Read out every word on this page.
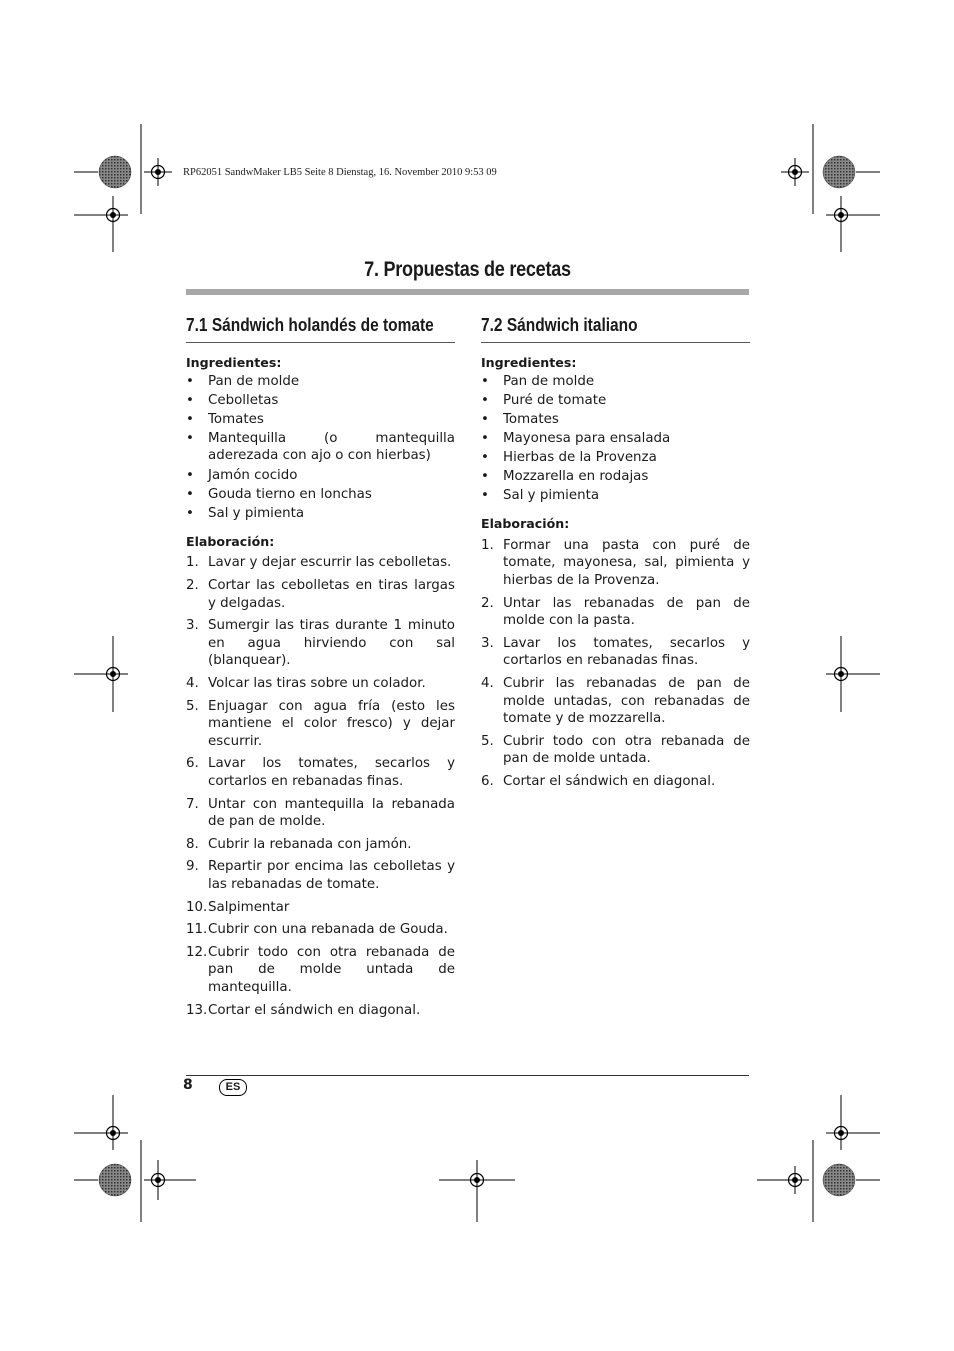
RP62051 SandwMaker LB5 Seite 8 Dienstag, 16. November 2010 9:53 09
7. Propuestas de recetas
7.1 Sándwich holandés de tomate
Ingredientes:
• Pan de molde
• Cebolletas
• Tomates
• Mantequilla (o mantequilla aderezada con ajo o con hierbas)
• Jamón cocido
• Gouda tierno en lonchas
• Sal y pimienta
Elaboración:
1. Lavar y dejar escurrir las cebolletas.
2. Cortar las cebolletas en tiras largas y delgadas.
3. Sumergir las tiras durante 1 minuto en agua hirviendo con sal (blanquear).
4. Volcar las tiras sobre un colador.
5. Enjuagar con agua fría (esto les mantiene el color fresco) y dejar escurrir.
6. Lavar los tomates, secarlos y cortarlos en rebanadas finas.
7. Untar con mantequilla la rebanada de pan de molde.
8. Cubrir la rebanada con jamón.
9. Repartir por encima las cebolletas y las rebanadas de tomate.
10. Salpimentar
11. Cubrir con una rebanada de Gouda.
12. Cubrir todo con otra rebanada de pan de molde untada de mantequilla.
13. Cortar el sándwich en diagonal.
7.2 Sándwich italiano
Ingredientes:
• Pan de molde
• Puré de tomate
• Tomates
• Mayonesa para ensalada
• Hierbas de la Provenza
• Mozzarella en rodajas
• Sal y pimienta
Elaboración:
1. Formar una pasta con puré de tomate, mayonesa, sal, pimienta y hierbas de la Provenza.
2. Untar las rebanadas de pan de molde con la pasta.
3. Lavar los tomates, secarlos y cortarlos en rebanadas finas.
4. Cubrir las rebanadas de pan de molde untadas, con rebanadas de tomate y de mozzarella.
5. Cubrir todo con otra rebanada de pan de molde untada.
6. Cortar el sándwich en diagonal.
8	ES
